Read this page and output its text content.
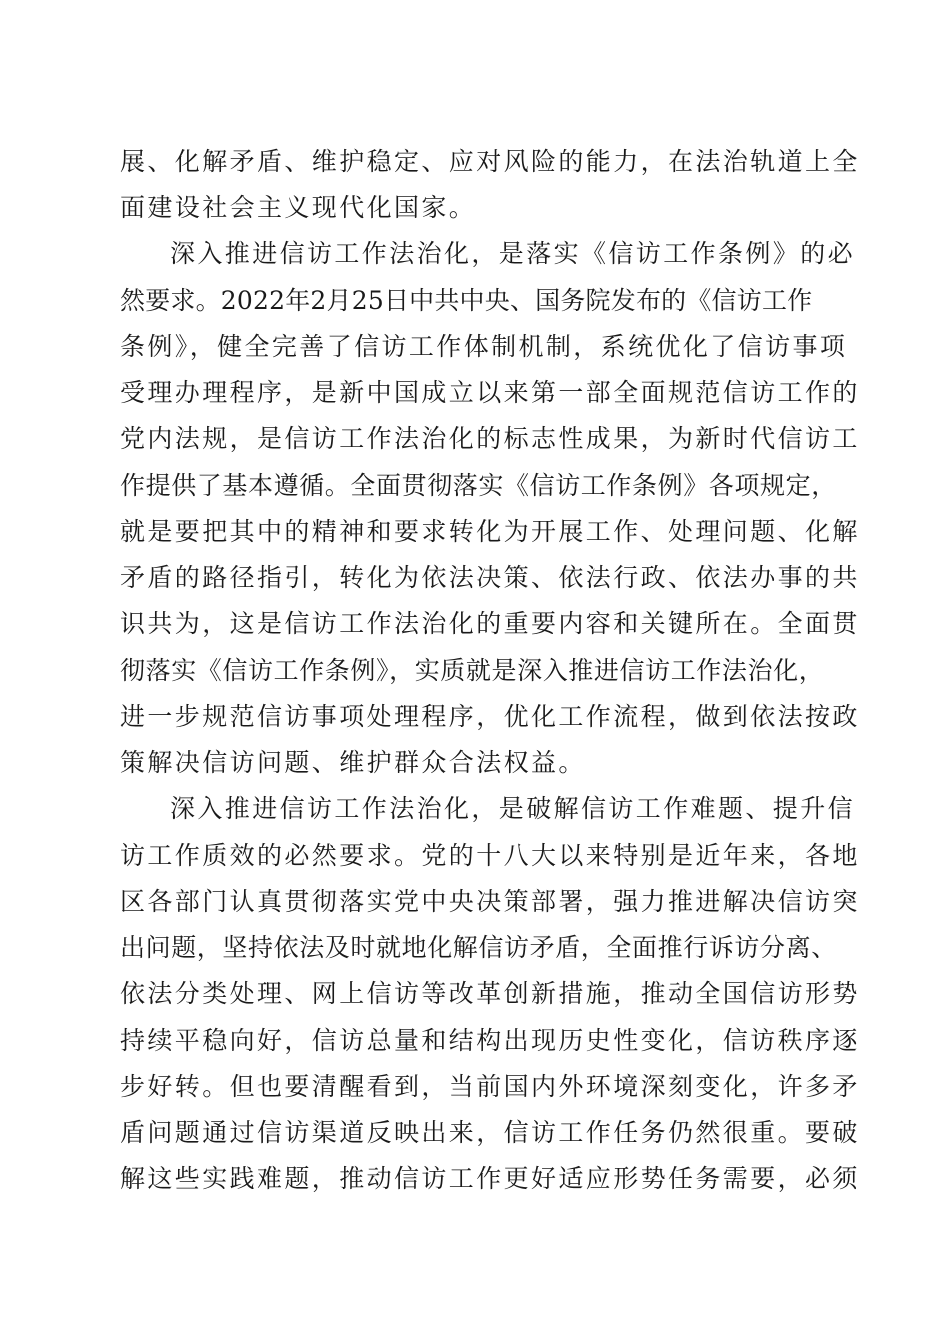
展、化解矛盾、维护稳定、应对风险的能力，在法治轨道上全

面建设社会主义现代化国家。

深入推进信访工作法治化，是落实《信访工作条例》的必

然要求。2022年2月25日中共中央、国务院发布的《信访工作

条例》，健全完善了信访工作体制机制，系统优化了信访事项

受理办理程序，是新中国成立以来第一部全面规范信访工作的

党内法规，是信访工作法治化的标志性成果，为新时代信访工

作提供了基本遵循。全面贯彻落实《信访工作条例》各项规定，

就是要把其中的精神和要求转化为开展工作、处理问题、化解

矛盾的路径指引，转化为依法决策、依法行政、依法办事的共

识共为，这是信访工作法治化的重要内容和关键所在。全面贯

彻落实《信访工作条例》，实质就是深入推进信访工作法治化，

进一步规范信访事项处理程序，优化工作流程，做到依法按政

策解决信访问题、维护群众合法权益。

深入推进信访工作法治化，是破解信访工作难题、提升信

访工作质效的必然要求。党的十八大以来特别是近年来，各地

区各部门认真贯彻落实党中央决策部署，强力推进解决信访突

出问题，坚持依法及时就地化解信访矛盾，全面推行诉访分离、

依法分类处理、网上信访等改革创新措施，推动全国信访形势

持续平稳向好，信访总量和结构出现历史性变化，信访秩序逐

步好转。但也要清醒看到，当前国内外环境深刻变化，许多矛

盾问题通过信访渠道反映出来，信访工作任务仍然很重。要破

解这些实践难题，推动信访工作更好适应形势任务需要，必须
